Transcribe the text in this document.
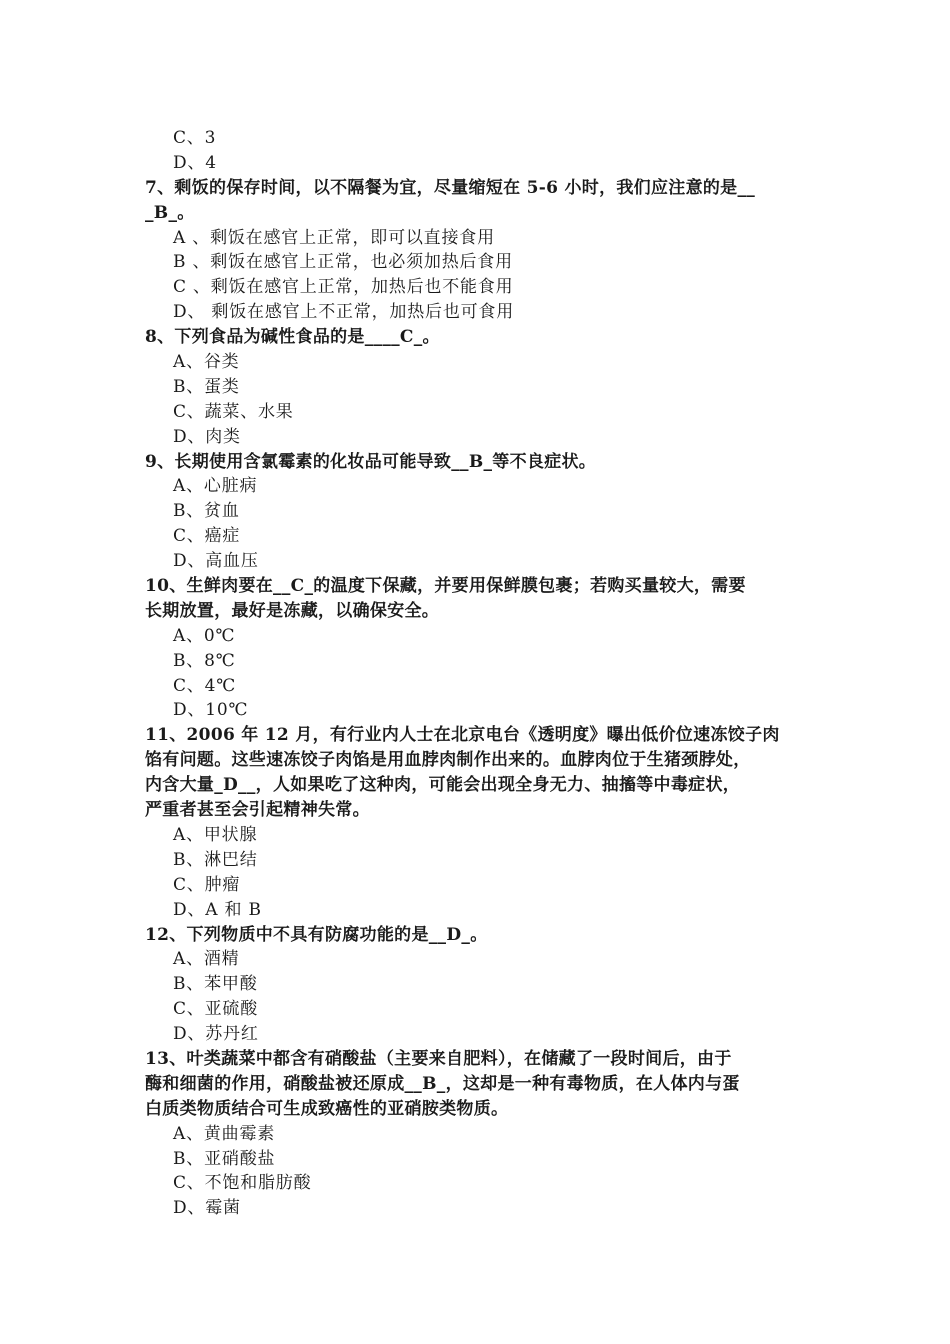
C、3
D、4
7、剩饭的保存时间，以不隔餐为宜，尽量缩短在 5-6 小时，我们应注意的是__
_B_。
A 、剩饭在感官上正常，即可以直接食用
B 、剩饭在感官上正常，也必须加热后食用
C 、剩饭在感官上正常，加热后也不能食用
D、 剩饭在感官上不正常，加热后也可食用
8、下列食品为碱性食品的是____C_。
A、谷类
B、蛋类
C、蔬菜、水果
D、肉类
9、长期使用含氯霉素的化妆品可能导致__B_等不良症状。
A、心脏病
B、贫血
C、癌症
D、高血压
10、生鲜肉要在__C_的温度下保藏，并要用保鲜膜包裹；若购买量较大，需要
长期放置，最好是冻藏，以确保安全。
A、0℃
B、8℃
C、4℃
D、10℃
11、2006 年 12 月，有行业内人士在北京电台《透明度》曝出低价位速冻饺子肉
馅有问题。这些速冻饺子肉馅是用血脖肉制作出来的。血脖肉位于生猪颈脖处，
内含大量_D__，人如果吃了这种肉，可能会出现全身无力、抽搐等中毒症状，
严重者甚至会引起精神失常。
A、甲状腺
B、淋巴结
C、肿瘤
D、A 和 B
12、下列物质中不具有防腐功能的是__D_。
A、酒精
B、苯甲酸
C、亚硫酸
D、苏丹红
13、叶类蔬菜中都含有硝酸盐（主要来自肥料），在储藏了一段时间后，由于
酶和细菌的作用，硝酸盐被还原成__B_，这却是一种有毒物质，在人体内与蛋
白质类物质结合可生成致癌性的亚硝胺类物质。
A、黄曲霉素
B、亚硝酸盐
C、不饱和脂肪酸
D、霉菌
